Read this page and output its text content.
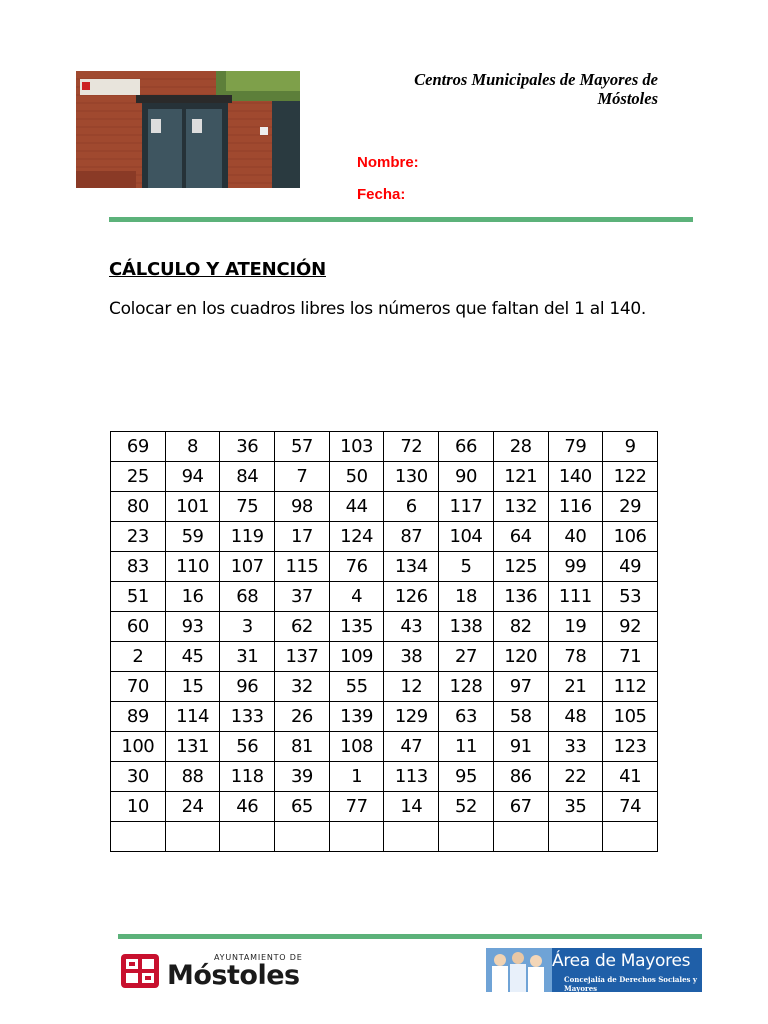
Centros Municipales de Mayores de
Móstoles
Nombre:
Fecha:
CÁLCULO Y ATENCIÓN
Colocar en los cuadros libres los números que faltan del 1 al 140.
69	8	36	57	103	72	66	28	79	9
25	94	84	7	50	130	90	121	140	122
80	101	75	98	44	6	117	132	116	29
23	59	119	17	124	87	104	64	40	106
83	110	107	115	76	134	5	125	99	49
51	16	68	37	4	126	18	136	111	53
60	93	3	62	135	43	138	82	19	92
2	45	31	137	109	38	27	120	78	71
70	15	96	32	55	12	128	97	21	112
89	114	133	26	139	129	63	58	48	105
100	131	56	81	108	47	11	91	33	123
30	88	118	39	1	113	95	86	22	41
10	24	46	65	77	14	52	67	35	74

AYUNTAMIENTO DE
Móstoles	Área de Mayores
Concejalía de Derechos Sociales y Mayores
